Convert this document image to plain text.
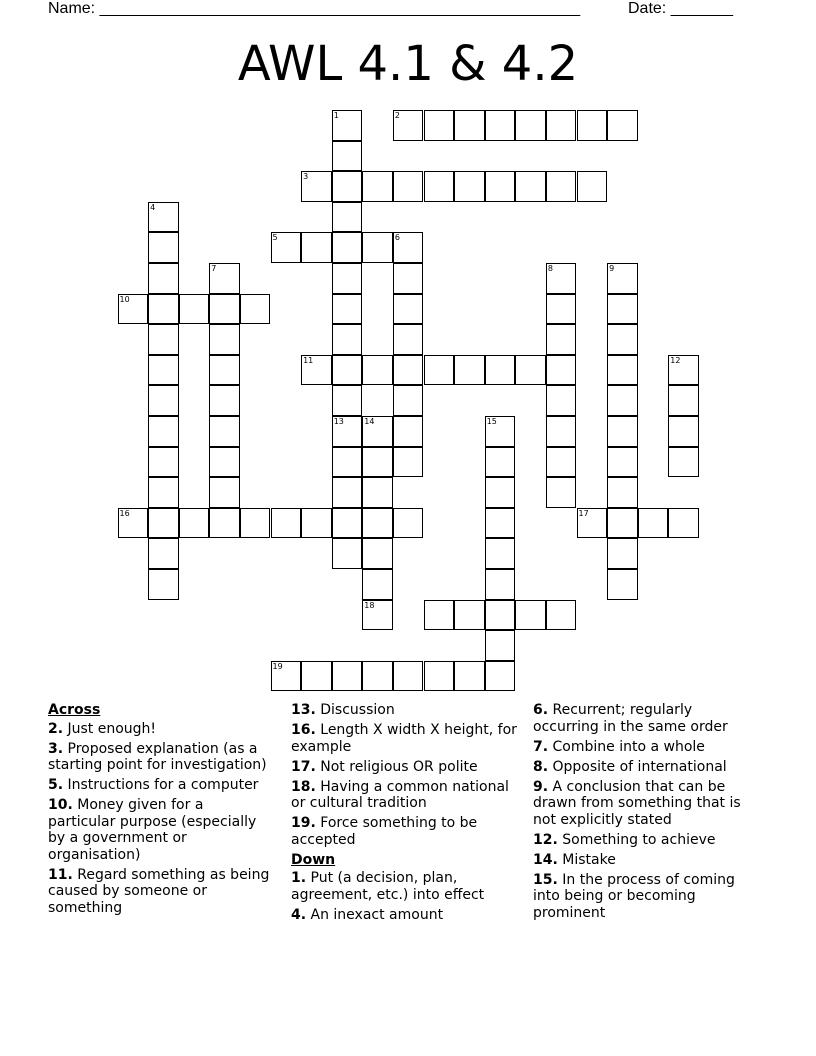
Name: ______________________________________________________	Date: _______
AWL 4.1 & 4.2
1	2
3
4
5	6
7	8	9
10
11	12
13	14	15
16	17
18
19
Across
2. Just enough!
3. Proposed explanation (as a starting point for investigation)
5. Instructions for a computer
10. Money given for a particular purpose (especially by a government or organisation)
11. Regard something as being caused by someone or something
13. Discussion
16. Length X width X height, for example
17. Not religious OR polite
18. Having a common national or cultural tradition
19. Force something to be accepted
Down
1. Put (a decision, plan, agreement, etc.) into effect
4. An inexact amount
6. Recurrent; regularly occurring in the same order
7. Combine into a whole
8. Opposite of international
9. A conclusion that can be drawn from something that is not explicitly stated
12. Something to achieve
14. Mistake
15. In the process of coming into being or becoming prominent
